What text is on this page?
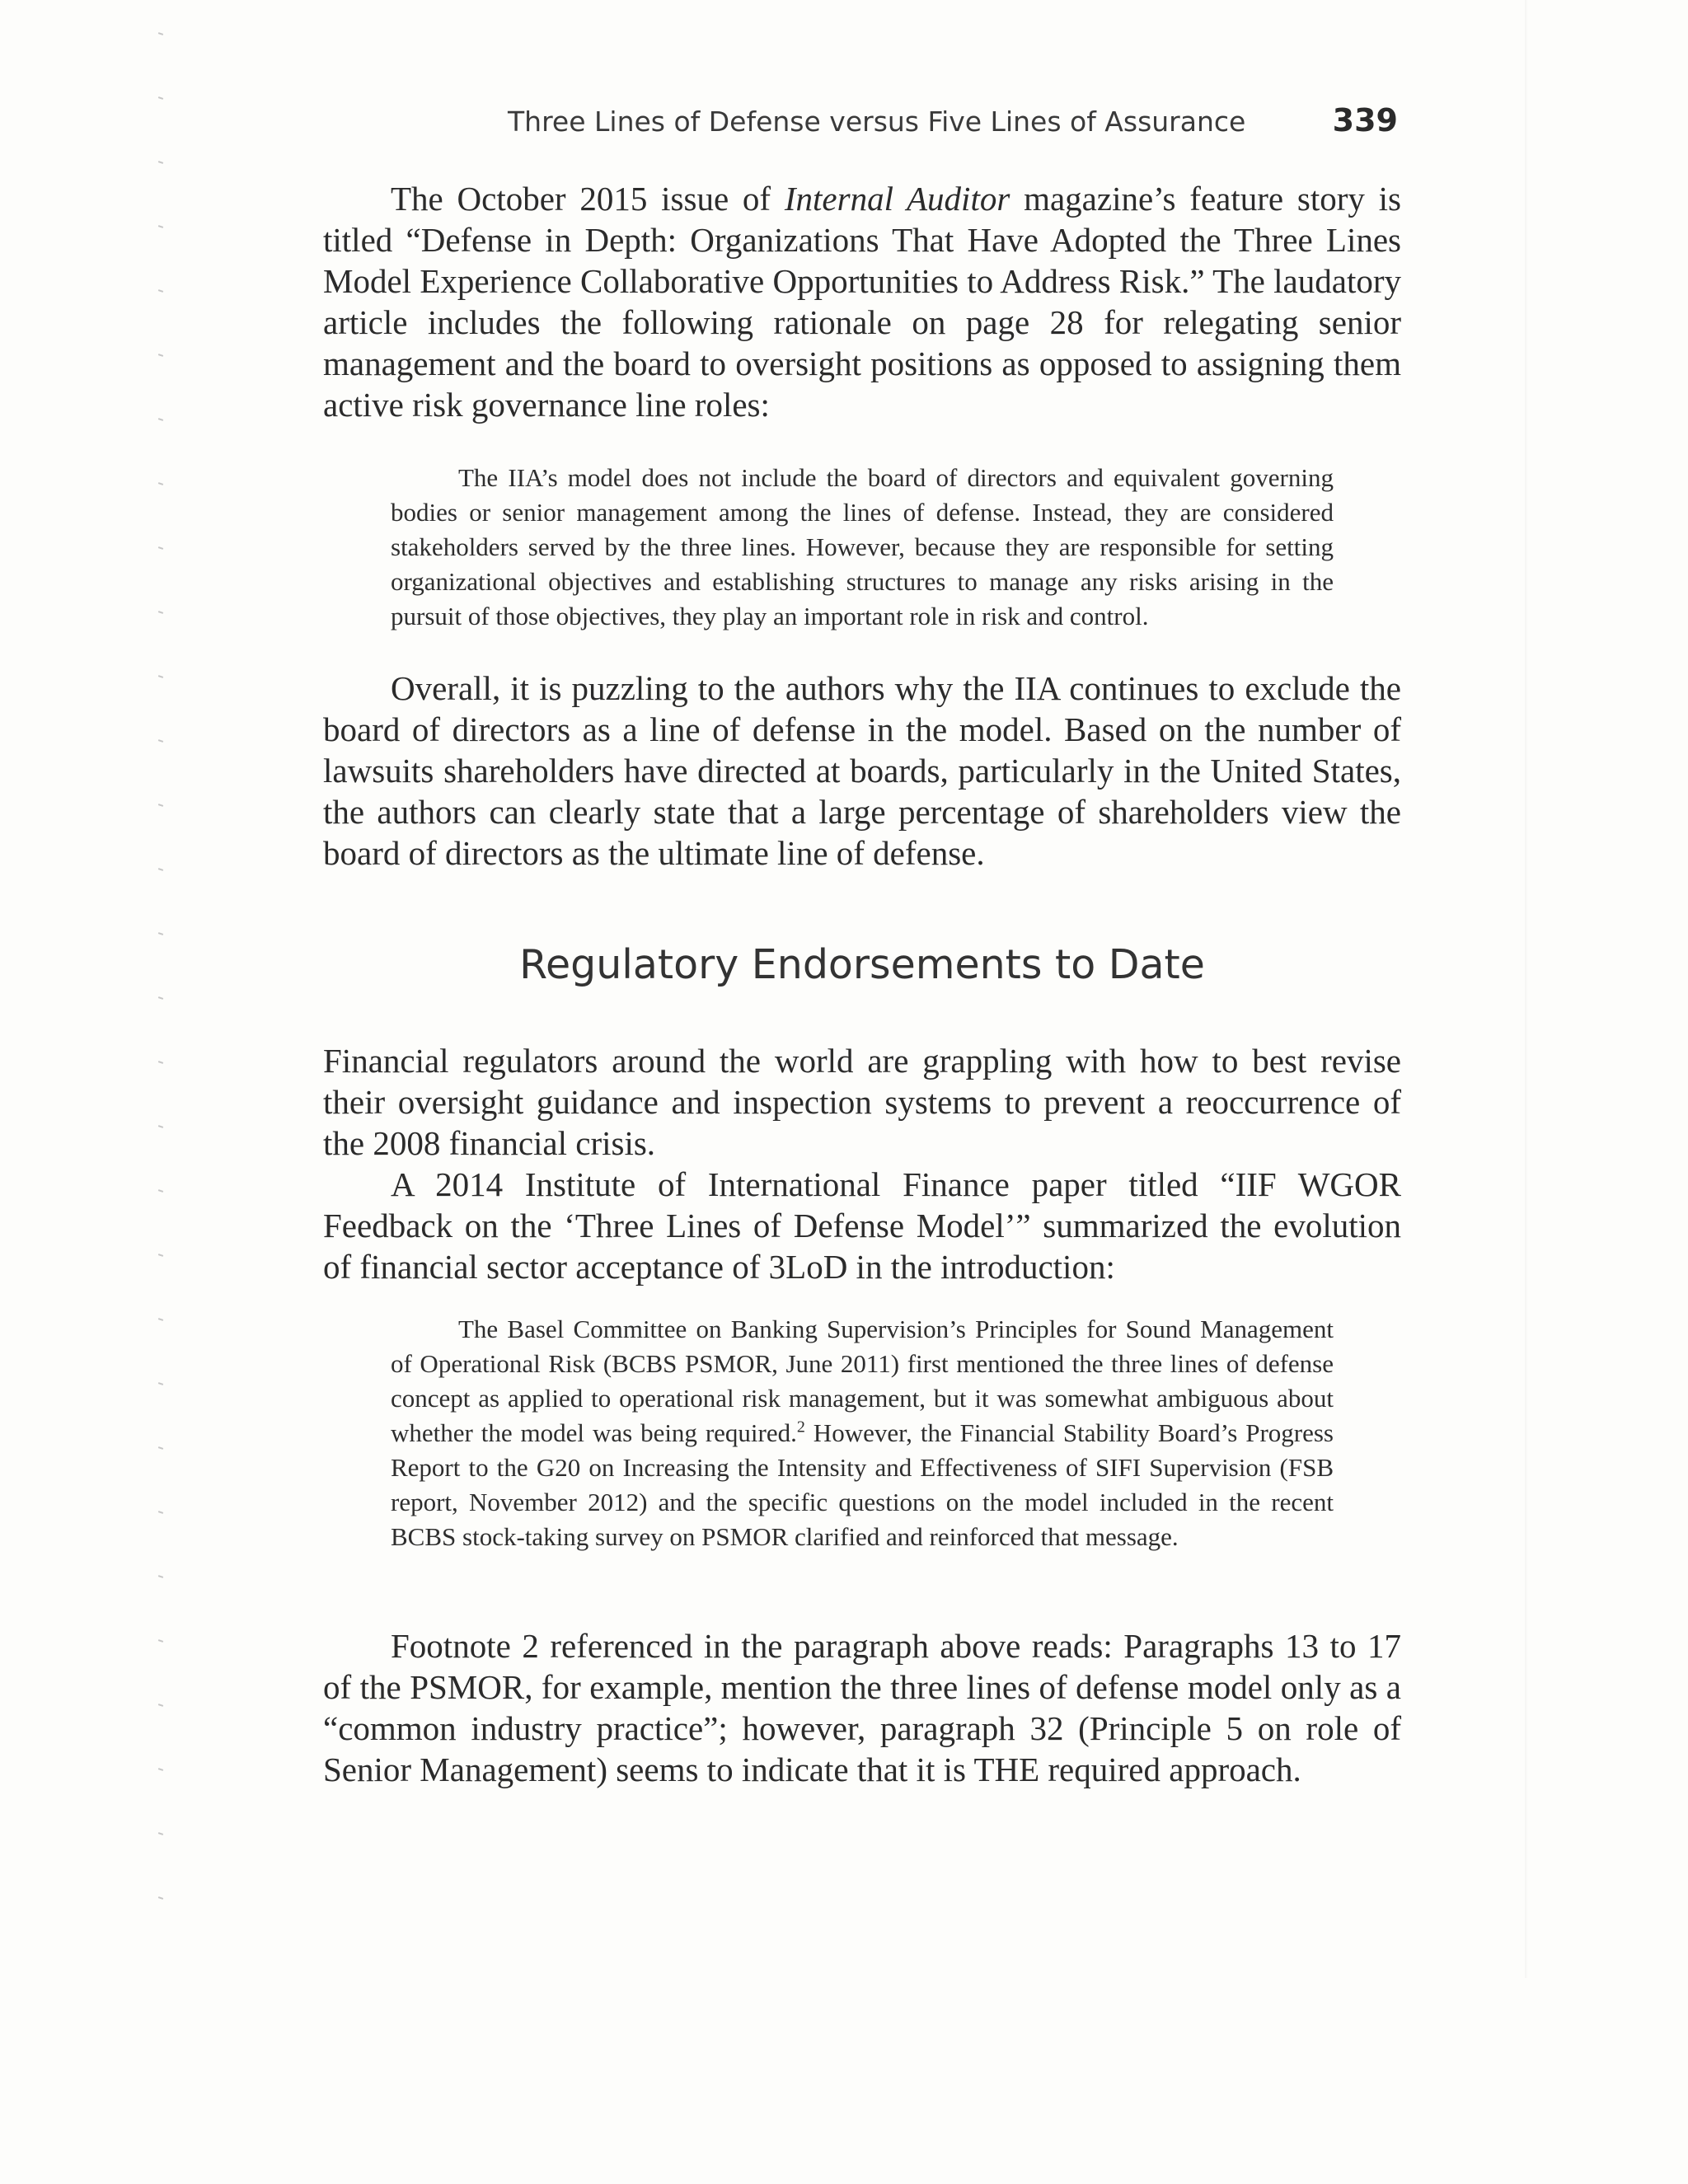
Three Lines of Defense versus Five Lines of Assurance	339

The October 2015 issue of Internal Auditor magazine’s feature story is titled “Defense in Depth: Organizations That Have Adopted the Three Lines Model Experience Collaborative Opportunities to Address Risk.” The laudatory article includes the following rationale on page 28 for relegating senior management and the board to oversight positions as opposed to assigning them active risk governance line roles:

The IIA’s model does not include the board of directors and equivalent governing bodies or senior management among the lines of defense. Instead, they are considered stakeholders served by the three lines. However, because they are responsible for setting organizational objectives and establishing structures to manage any risks arising in the pursuit of those objectives, they play an important role in risk and control.

Overall, it is puzzling to the authors why the IIA continues to exclude the board of directors as a line of defense in the model. Based on the number of lawsuits shareholders have directed at boards, particularly in the United States, the authors can clearly state that a large percentage of shareholders view the board of directors as the ultimate line of defense.

Regulatory Endorsements to Date

Financial regulators around the world are grappling with how to best revise their oversight guidance and inspection systems to prevent a reoccurrence of the 2008 financial crisis.

A 2014 Institute of International Finance paper titled “IIF WGOR Feedback on the ‘Three Lines of Defense Model’” summarized the evolution of financial sector acceptance of 3LoD in the introduction:

The Basel Committee on Banking Supervision’s Principles for Sound Management of Operational Risk (BCBS PSMOR, June 2011) first mentioned the three lines of defense concept as applied to operational risk management, but it was somewhat ambiguous about whether the model was being required.$^2$ However, the Financial Stability Board’s Progress Report to the G20 on Increasing the Intensity and Effectiveness of SIFI Supervision (FSB report, November 2012) and the specific questions on the model included in the recent BCBS stock-taking survey on PSMOR clarified and reinforced that message.

Footnote 2 referenced in the paragraph above reads: Paragraphs 13 to 17 of the PSMOR, for example, mention the three lines of defense model only as a “common industry practice”; however, paragraph 32 (Principle 5 on role of Senior Management) seems to indicate that it is THE required approach.
